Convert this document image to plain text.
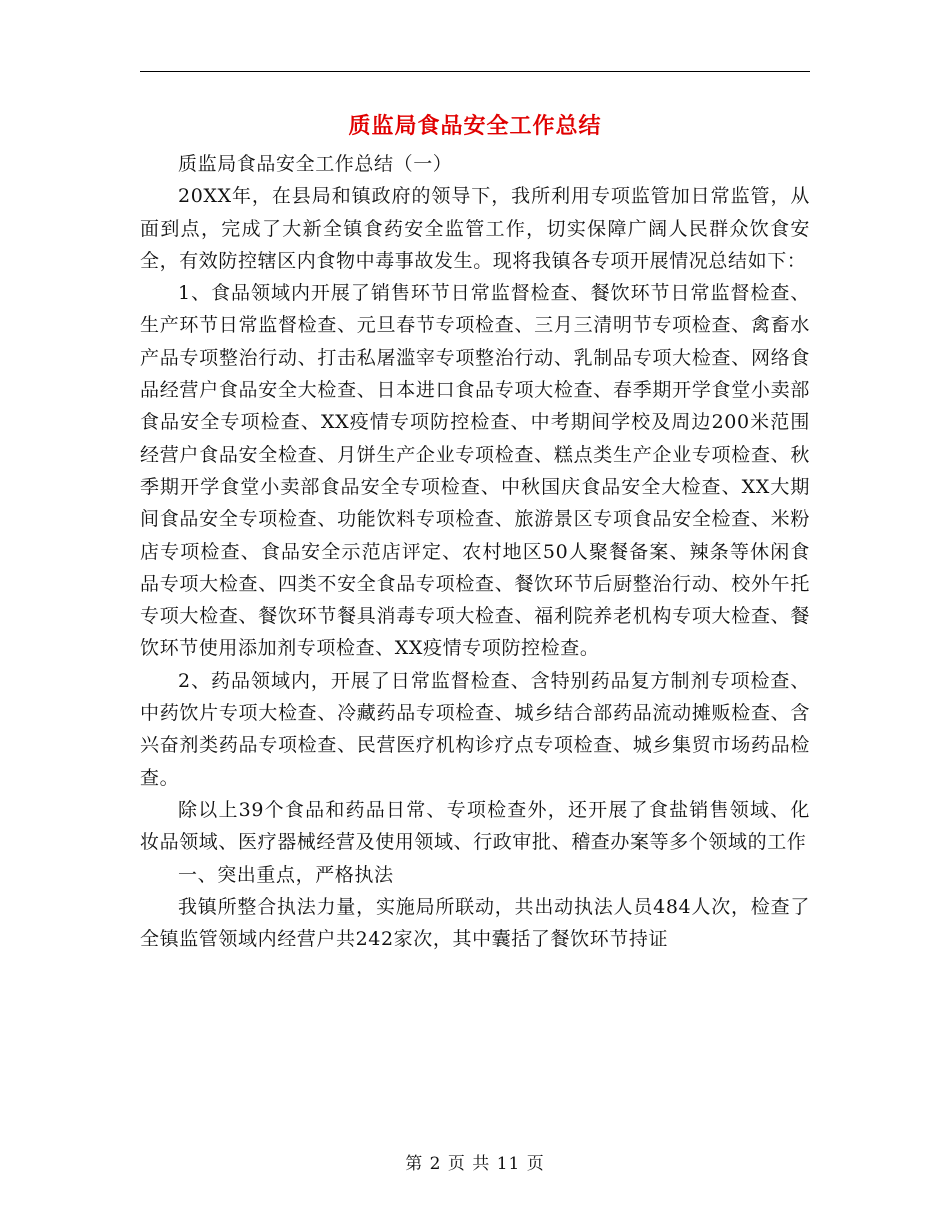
质监局食品安全工作总结

质监局食品安全工作总结（一）

20XX年，在县局和镇政府的领导下，我所利用专项监管加日常监管，从面到点，完成了大新全镇食药安全监管工作，切实保障广阔人民群众饮食安全，有效防控辖区内食物中毒事故发生。现将我镇各专项开展情况总结如下：

1、食品领域内开展了销售环节日常监督检查、餐饮环节日常监督检查、生产环节日常监督检查、元旦春节专项检查、三月三清明节专项检查、禽畜水产品专项整治行动、打击私屠滥宰专项整治行动、乳制品专项大检查、网络食品经营户食品安全大检查、日本进口食品专项大检查、春季期开学食堂小卖部食品安全专项检查、XX疫情专项防控检查、中考期间学校及周边200米范围经营户食品安全检查、月饼生产企业专项检查、糕点类生产企业专项检查、秋季期开学食堂小卖部食品安全专项检查、中秋国庆食品安全大检查、XX大期间食品安全专项检查、功能饮料专项检查、旅游景区专项食品安全检查、米粉店专项检查、食品安全示范店评定、农村地区50人聚餐备案、辣条等休闲食品专项大检查、四类不安全食品专项检查、餐饮环节后厨整治行动、校外午托专项大检查、餐饮环节餐具消毒专项大检查、福利院养老机构专项大检查、餐饮环节使用添加剂专项检查、XX疫情专项防控检查。

2、药品领域内，开展了日常监督检查、含特别药品复方制剂专项检查、中药饮片专项大检查、冷藏药品专项检查、城乡结合部药品流动摊贩检查、含兴奋剂类药品专项检查、民营医疗机构诊疗点专项检查、城乡集贸市场药品检查。

除以上39个食品和药品日常、专项检查外，还开展了食盐销售领域、化妆品领域、医疗器械经营及使用领域、行政审批、稽查办案等多个领域的工作

一、突出重点，严格执法

我镇所整合执法力量，实施局所联动，共出动执法人员484人次，检查了全镇监管领域内经营户共242家次，其中囊括了餐饮环节持证

第 2 页 共 11 页
